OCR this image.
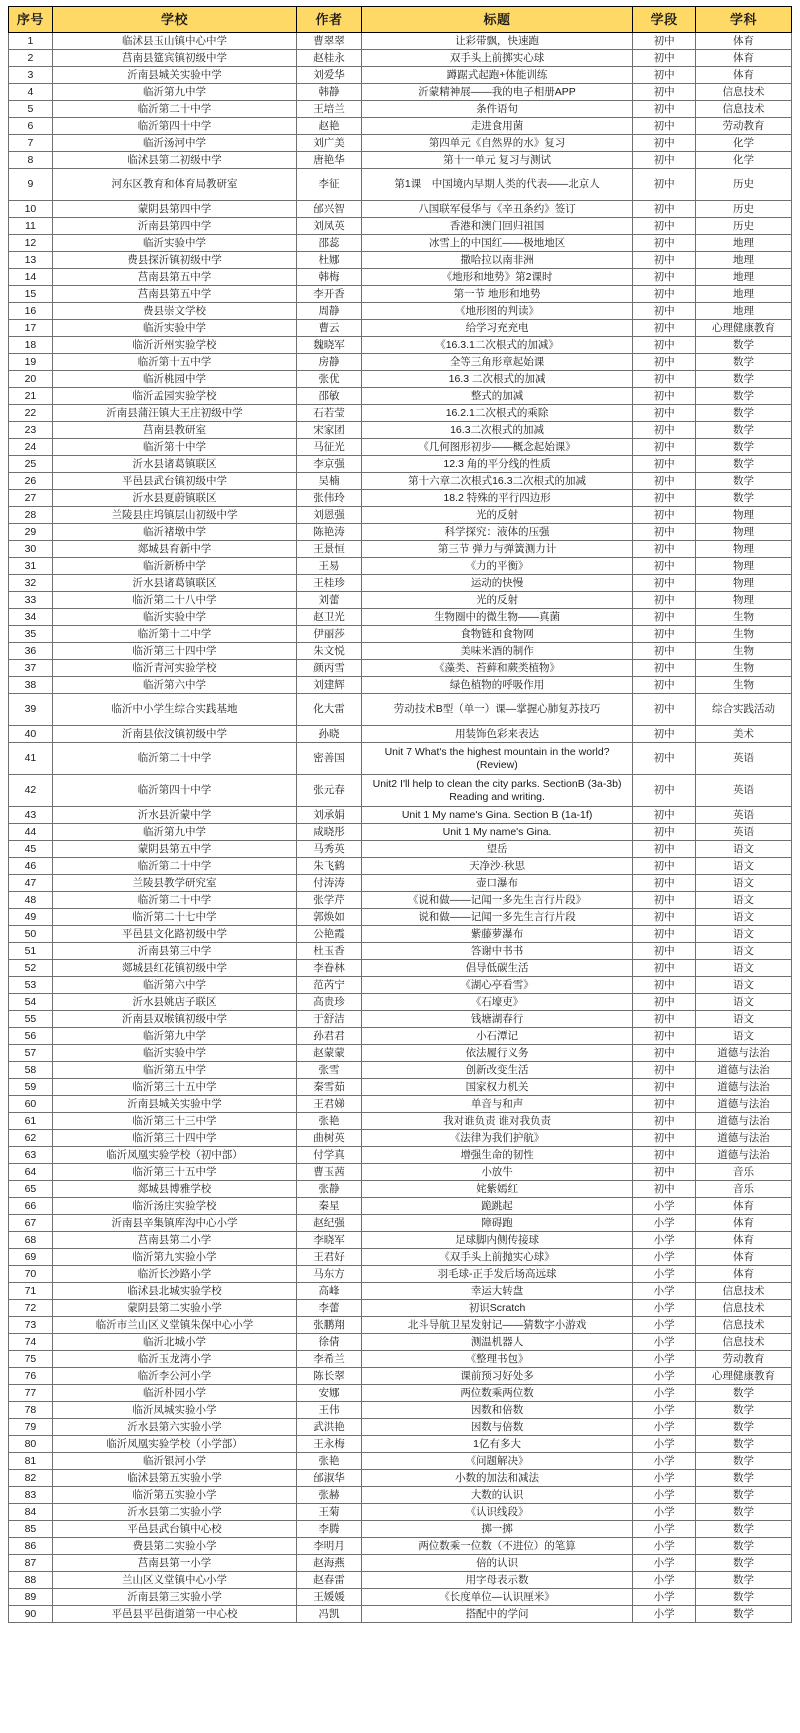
序号	学校	作者	标题	学段	学科
1	临沭县玉山镇中心中学	曹翠翠	让彩带飘，快速跑	初中	体育
2	莒南县筵宾镇初级中学	赵桂永	双手头上前掷实心球	初中	体育
3	沂南县城关实验中学	刘爱华	蹲踞式起跑+体能训练	初中	体育
4	临沂第九中学	韩静	沂蒙精神展——我的电子相册APP	初中	信息技术
5	临沂第二十中学	王培兰	条件语句	初中	信息技术
6	临沂第四十中学	赵艳	走进食用菌	初中	劳动教育
7	临沂汤河中学	刘广美	第四单元《自然界的水》复习	初中	化学
8	临沭县第二初级中学	唐艳华	第十一单元 复习与测试	初中	化学
9	河东区教育和体育局教研室	李征	第1课　中国境内早期人类的代表——北京人	初中	历史
10	蒙阴县第四中学	邰兴智	八国联军侵华与《辛丑条约》签订	初中	历史
11	沂南县第四中学	刘凤英	香港和澳门回归祖国	初中	历史
12	临沂实验中学	邵蕊	冰雪上的中国红——极地地区	初中	地理
13	费县探沂镇初级中学	杜娜	撒哈拉以南非洲	初中	地理
14	莒南县第五中学	韩梅	《地形和地势》第2课时	初中	地理
15	莒南县第五中学	李开香	第一节 地形和地势	初中	地理
16	费县崇文学校	周静	《地形图的判读》	初中	地理
17	临沂实验中学	曹云	给学习充充电	初中	心理健康教育
18	临沂沂州实验学校	魏晓军	《16.3.1二次根式的加减》	初中	数学
19	临沂第十五中学	房静	全等三角形章起始课	初中	数学
20	临沂桃园中学	张优	16.3 二次根式的加减	初中	数学
21	临沂孟园实验学校	邵敏	整式的加减	初中	数学
22	沂南县蒲汪镇大王庄初级中学	石若莹	16.2.1二次根式的乘除	初中	数学
23	莒南县教研室	宋家团	16.3二次根式的加减	初中	数学
24	临沂第十中学	马征光	《几何图形初步——概念起始课》	初中	数学
25	沂水县诸葛镇联区	李京强	12.3 角的平分线的性质	初中	数学
26	平邑县武台镇初级中学	吴楠	第十六章二次根式16.3二次根式的加减	初中	数学
27	沂水县夏蔚镇联区	张伟玲	18.2 特殊的平行四边形	初中	数学
28	兰陵县庄坞镇层山初级中学	刘恩强	光的反射	初中	物理
29	临沂褚墩中学	陈艳涛	科学探究：液体的压强	初中	物理
30	郯城县育新中学	王景恒	第三节 弹力与弹簧测力计	初中	物理
31	临沂新桥中学	王易	《力的平衡》	初中	物理
32	沂水县诸葛镇联区	王桂珍	运动的快慢	初中	物理
33	临沂第二十八中学	刘蕾	光的反射	初中	物理
34	临沂实验中学	赵卫光	生物圈中的微生物——真菌	初中	生物
35	临沂第十二中学	伊丽莎	食物链和食物网	初中	生物
36	临沂第三十四中学	朱文悦	美味米酒的制作	初中	生物
37	临沂青河实验学校	颜丙雪	《藻类、苔藓和蕨类植物》	初中	生物
38	临沂第六中学	刘建辉	绿色植物的呼吸作用	初中	生物
39	临沂中小学生综合实践基地	化大雷	劳动技术B型（单一）课—掌握心肺复苏技巧	初中	综合实践活动
40	沂南县依汶镇初级中学	孙晓	用装饰色彩来表达	初中	美术
41	临沂第二十中学	密善国	Unit 7 What's the highest mountain in the world? (Review)	初中	英语
42	临沂第四十中学	张元春	Unit2 I'll help to clean the city parks. SectionB (3a-3b) Reading and writing.	初中	英语
43	沂水县沂蒙中学	刘承娟	Unit 1 My name's Gina. Section B (1a-1f)	初中	英语
44	临沂第九中学	咸晓彤	Unit 1 My name's Gina.	初中	英语
45	蒙阴县第五中学	马秀英	望岳	初中	语文
46	临沂第二十中学	朱飞鹤	天净沙·秋思	初中	语文
47	兰陵县教学研究室	付涛涛	壶口瀑布	初中	语文
48	临沂第二十中学	张学芹	《说和做——记闻一多先生言行片段》	初中	语文
49	临沂第二十七中学	郭焕如	说和做——记闻一多先生言行片段	初中	语文
50	平邑县文化路初级中学	公艳霞	紫藤萝瀑布	初中	语文
51	沂南县第三中学	杜玉香	答谢中书书	初中	语文
52	郯城县红花镇初级中学	李眷林	倡导低碳生活	初中	语文
53	临沂第六中学	范芮宁	《湖心亭看雪》	初中	语文
54	沂水县姚店子联区	高贵珍	《石壕吏》	初中	语文
55	沂南县双堠镇初级中学	于舒洁	钱塘湖春行	初中	语文
56	临沂第九中学	孙君君	小石潭记	初中	语文
57	临沂实验中学	赵蒙蒙	依法履行义务	初中	道德与法治
58	临沂第五中学	张雪	创新改变生活	初中	道德与法治
59	临沂第三十五中学	秦雪茹	国家权力机关	初中	道德与法治
60	沂南县城关实验中学	王君娣	单音与和声	初中	道德与法治
61	临沂第三十三中学	张艳	我对谁负责 谁对我负责	初中	道德与法治
62	临沂第三十四中学	曲树英	《法律为我们护航》	初中	道德与法治
63	临沂凤凰实验学校（初中部）	付学真	增强生命的韧性	初中	道德与法治
64	临沂第三十五中学	曹玉茜	小放牛	初中	音乐
65	郯城县博雅学校	张静	姹紫嫣红	初中	音乐
66	临沂汤庄实验学校	秦星	跪跳起	小学	体育
67	沂南县辛集镇库沟中心小学	赵纪强	障碍跑	小学	体育
68	莒南县第二小学	李晓军	足球脚内侧传接球	小学	体育
69	临沂第九实验小学	王君好	《双手头上前抛实心球》	小学	体育
70	临沂长沙路小学	马东方	羽毛球-正手发后场高远球	小学	体育
71	临沭县北城实验学校	高峰	幸运大转盘	小学	信息技术
72	蒙阴县第二实验小学	李蕾	初识Scratch	小学	信息技术
73	临沂市兰山区义堂镇朱保中心小学	张鹏翔	北斗导航卫星发射记——猜数字小游戏	小学	信息技术
74	临沂北城小学	徐倩	测温机器人	小学	信息技术
75	临沂玉龙湾小学	李希兰	《整理书包》	小学	劳动教育
76	临沂李公河小学	陈长翠	课前预习好处多	小学	心理健康教育
77	临沂朴园小学	安娜	两位数乘两位数	小学	数学
78	临沂凤城实验小学	王伟	因数和倍数	小学	数学
79	沂水县第六实验小学	武洪艳	因数与倍数	小学	数学
80	临沂凤凰实验学校（小学部）	王永梅	1亿有多大	小学	数学
81	临沂银河小学	张艳	《问题解决》	小学	数学
82	临沭县第五实验小学	邰淑华	小数的加法和减法	小学	数学
83	临沂第五实验小学	张赫	大数的认识	小学	数学
84	沂水县第二实验小学	王菊	《认识线段》	小学	数学
85	平邑县武台镇中心校	李腾	掷一掷	小学	数学
86	费县第二实验小学	李明月	两位数乘一位数（不进位）的笔算	小学	数学
87	莒南县第一小学	赵海燕	倍的认识	小学	数学
88	兰山区义堂镇中心小学	赵春雷	用字母表示数	小学	数学
89	沂南县第三实验小学	王媛媛	《长度单位—认识厘米》	小学	数学
90	平邑县平邑街道第一中心校	冯凯	搭配中的学问	小学	数学
